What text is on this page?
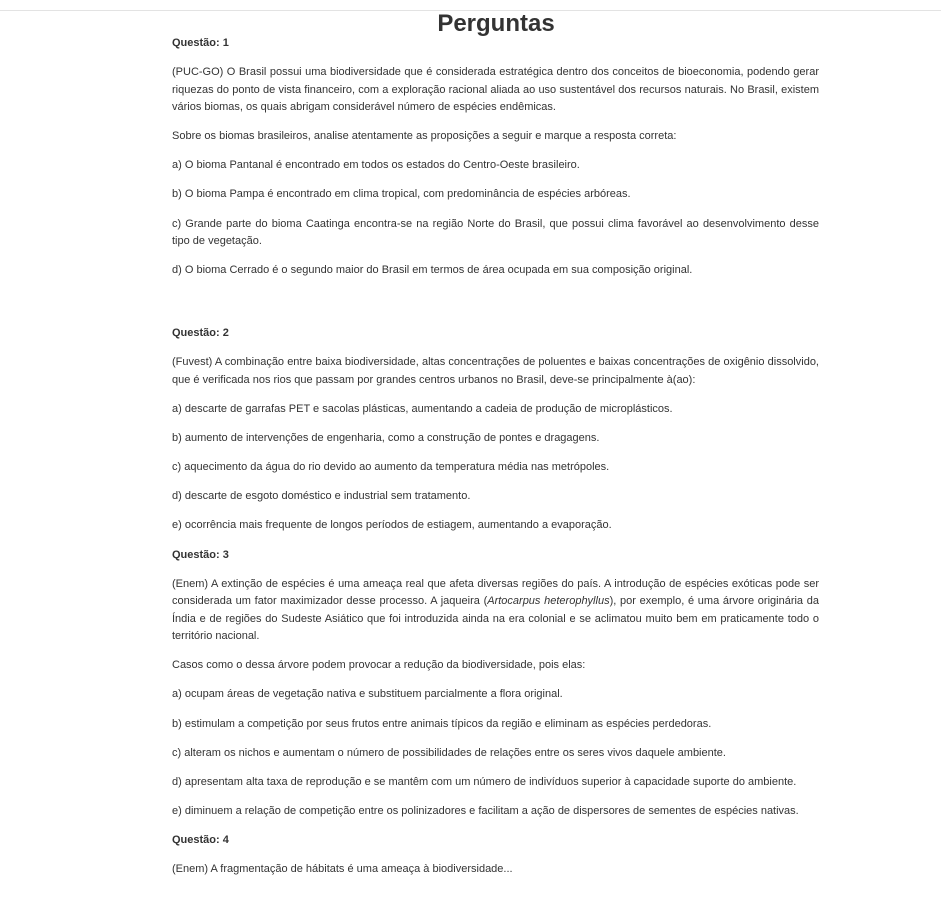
Perguntas
Questão: 1

(PUC-GO) O Brasil possui uma biodiversidade que é considerada estratégica dentro dos conceitos de bioeconomia, podendo gerar riquezas do ponto de vista financeiro, com a exploração racional aliada ao uso sustentável dos recursos naturais. No Brasil, existem vários biomas, os quais abrigam considerável número de espécies endêmicas.

Sobre os biomas brasileiros, analise atentamente as proposições a seguir e marque a resposta correta:

a) O bioma Pantanal é encontrado em todos os estados do Centro-Oeste brasileiro.

b) O bioma Pampa é encontrado em clima tropical, com predominância de espécies arbóreas.

c) Grande parte do bioma Caatinga encontra-se na região Norte do Brasil, que possui clima favorável ao desenvolvimento desse tipo de vegetação.

d) O bioma Cerrado é o segundo maior do Brasil em termos de área ocupada em sua composição original.

Questão: 2

(Fuvest) A combinação entre baixa biodiversidade, altas concentrações de poluentes e baixas concentrações de oxigênio dissolvido, que é verificada nos rios que passam por grandes centros urbanos no Brasil, deve-se principalmente à(ao):

a) descarte de garrafas PET e sacolas plásticas, aumentando a cadeia de produção de microplásticos.

b) aumento de intervenções de engenharia, como a construção de pontes e dragagens.

c) aquecimento da água do rio devido ao aumento da temperatura média nas metrópoles.

d) descarte de esgoto doméstico e industrial sem tratamento.

e) ocorrência mais frequente de longos períodos de estiagem, aumentando a evaporação.

Questão: 3

(Enem) A extinção de espécies é uma ameaça real que afeta diversas regiões do país. A introdução de espécies exóticas pode ser considerada um fator maximizador desse processo. A jaqueira (Artocarpus heterophyllus), por exemplo, é uma árvore originária da Índia e de regiões do Sudeste Asiático que foi introduzida ainda na era colonial e se aclimatou muito bem em praticamente todo o território nacional.

Casos como o dessa árvore podem provocar a redução da biodiversidade, pois elas:

a) ocupam áreas de vegetação nativa e substituem parcialmente a flora original.

b) estimulam a competição por seus frutos entre animais típicos da região e eliminam as espécies perdedoras.

c) alteram os nichos e aumentam o número de possibilidades de relações entre os seres vivos daquele ambiente.

d) apresentam alta taxa de reprodução e se mantêm com um número de indivíduos superior à capacidade suporte do ambiente.

e) diminuem a relação de competição entre os polinizadores e facilitam a ação de dispersores de sementes de espécies nativas.

Questão: 4

(Enem) A fragmentação de hábitats é uma ameaça à biodiversidade...
